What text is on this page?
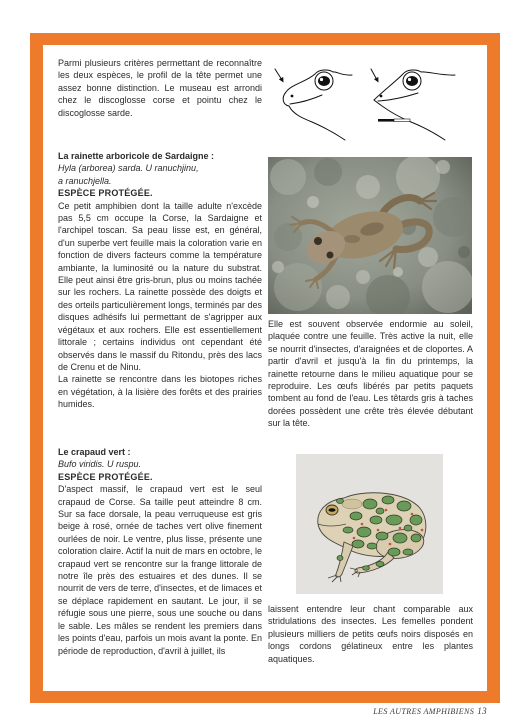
Parmi plusieurs critères permettant de reconnaître les deux espèces, le profil de la tête permet une assez bonne distinction. Le museau est arrondi chez le discoglosse corse et pointu chez le discoglosse sarde.

La rainette arboricole de Sardaigne :
Hyla (arborea) sarda. U ranuchjinu,
a ranuchjella.
ESPÈCE PROTÉGÉE.

Ce petit amphibien dont la taille adulte n'excède pas 5,5 cm occupe la Corse, la Sardaigne et l'archipel toscan. Sa peau lisse est, en général, d'un superbe vert feuille mais la coloration varie en fonction de divers facteurs comme la température ambiante, la luminosité ou la nature du substrat. Elle peut ainsi être gris-brun, plus ou moins tachée sur les rochers. La rainette possède des doigts et des orteils particulièrement longs, terminés par des disques adhésifs lui permettant de s'agripper aux végétaux et aux rochers. Elle est essentiellement littorale ; certains individus ont cependant été observés dans le massif du Ritondu, près des lacs de Crenu et de Ninu.

La rainette se rencontre dans les biotopes riches en végétation, à la lisière des forêts et des prairies humides.

Elle est souvent observée endormie au soleil, plaquée contre une feuille. Très active la nuit, elle se nourrit d'insectes, d'araignées et de cloportes. A partir d'avril et jusqu'à la fin du printemps, la rainette retourne dans le milieu aquatique pour se reproduire. Les œufs libérés par petits paquets tombent au fond de l'eau. Les têtards gris à taches dorées possèdent une crête très élevée débutant sur la tête.

Le crapaud vert :
Bufo viridis. U ruspu.
ESPÈCE PROTÉGÉE.

D'aspect massif, le crapaud vert est le seul crapaud de Corse. Sa taille peut atteindre 8 cm. Sur sa face dorsale, la peau verruqueuse est gris beige à rosé, ornée de taches vert olive finement ourlées de noir. Le ventre, plus lisse, présente une coloration claire. Actif la nuit de mars en octobre, le crapaud vert se rencontre sur la frange littorale de notre île près des estuaires et des dunes. Il se nourrit de vers de terre, d'insectes, et de limaces et se déplace rapidement en sautant. Le jour, il se réfugie sous une pierre, sous une souche ou dans le sable. Les mâles se rendent les premiers dans les points d'eau, parfois un mois avant la ponte. En période de reproduction, d'avril à juillet, ils

laissent entendre leur chant comparable aux stridulations des insectes. Les femelles pondent plusieurs milliers de petits œufs noirs disposés en longs cordons gélatineux entre les plantes aquatiques.

LES AUTRES AMPHIBIENS 13
